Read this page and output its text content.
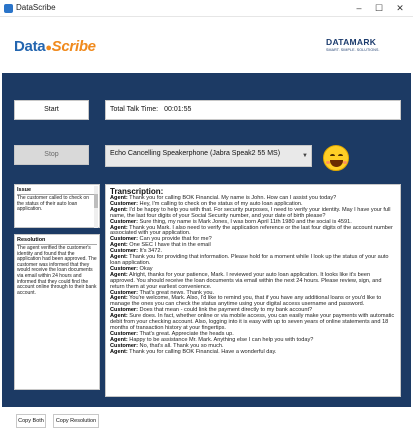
DataScribe	–	☐	✕
Data●Scribe	DATAMARK
SMART. SIMPLE. SOLUTIONS.
Start	Total Talk Time: 00:01:55
Stop	Echo Cancelling Speakerphone (Jabra Speak2 55 MS)	▼
Issue
The customer called to check on the status of their auto loan application.
Resolution
The agent verified the customer's identity and found that the application had been approved. The customer was informed that they would receive the loan documents via email within 24 hours and informed that they could find the account online through to their bank account.
Copy Both	Copy Resolution
Transcription:
Agent: Thank you for calling BOK Financial. My name is John. How can I assist you today?
Customer: Hey, I'm calling to check on the status of my auto loan application.
Agent: I'd be happy to help you with that. For security purposes, I need to verify your identity. May I have your full name, the last four digits of your Social Security number, and your date of birth please?
Customer: Sure thing, my name is Mark Jones, I was born April 11th 1980 and the social is 4591.
Agent: Thank you Mark. I also need to verify the application reference or the last four digits of the account number associated with your application.
Customer: Can you provide that for me?
Agent: One SEC I have that in the email
Customer: It's 3472.
Agent: Thank you for providing that information. Please hold for a moment while I look up the status of your auto loan application.
Customer: Okay
Agent: Alright, thanks for your patience, Mark. I reviewed your auto loan application. It looks like it's been approved. You should receive the loan documents via email within the next 24 hours. Please review, sign, and return them at your earliest convenience.
Customer: That's great news. Thank you.
Agent: You're welcome, Mark. Also, I'd like to remind you, that if you have any additional loans or you'd like to manage the ones you can check the status anytime using your digital access username and password.
Customer: Does that mean - could link the payment directly to my bank account?
Agent: Sure does. In fact, whether online or via mobile access, you can easily make your payments with automatic debit from your checking account. Also, logging into it is easy with up to seven years of online statements and 18 months of transaction history at your fingertips.
Customer: That's great. Appreciate the heads up.
Agent: Happy to be assistance Mr. Mark. Anything else I can help you with today?
Customer: No, that's all. Thank you so much.
Agent: Thank you for calling BOK Financial. Have a wonderful day.
